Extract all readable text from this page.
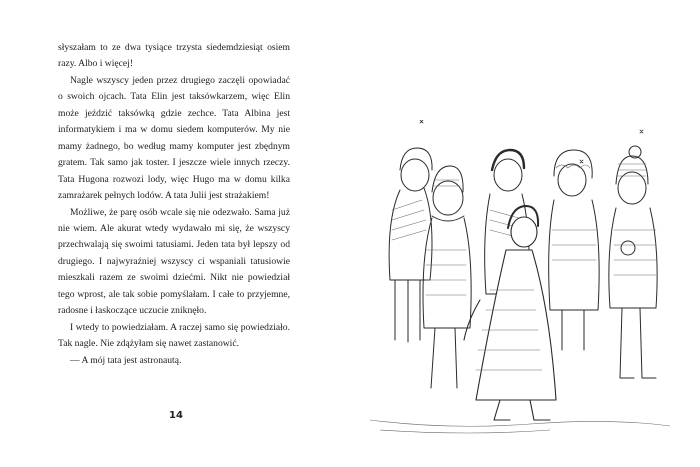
słyszałam to ze dwa tysiące trzysta siedemdziesiąt osiem razy. Albo i więcej!

Nagle wszyscy jeden przez drugiego zaczęli opowiadać o swoich ojcach. Tata Elin jest taksówkarzem, więc Elin może jeździć taksówką gdzie zechce. Tata Albina jest informatykiem i ma w domu siedem komputerów. My nie mamy żadnego, bo według mamy komputer jest zbędnym gratem. Tak samo jak toster. I jeszcze wiele innych rzeczy. Tata Hugona rozwozi lody, więc Hugo ma w domu kilka zamrażarek pełnych lodów. A tata Julii jest strażakiem!

Możliwe, że parę osób wcale się nie odezwało. Sama już nie wiem. Ale akurat wtedy wydawało mi się, że wszyscy przechwalają się swoimi tatusiami. Jeden tata był lepszy od drugiego. I najwyraźniej wszyscy ci wspaniali tatusiowie mieszkali razem ze swoimi dziećmi. Nikt nie powiedział tego wprost, ale tak sobie pomyślałam. I całe to przyjemne, radosne i łaskoczące uczucie zniknęło.

I wtedy to powiedziałam. A raczej samo się powiedziało. Tak nagle. Nie zdążyłam się nawet zastanowić.

— A mój tata jest astronautą.

14
